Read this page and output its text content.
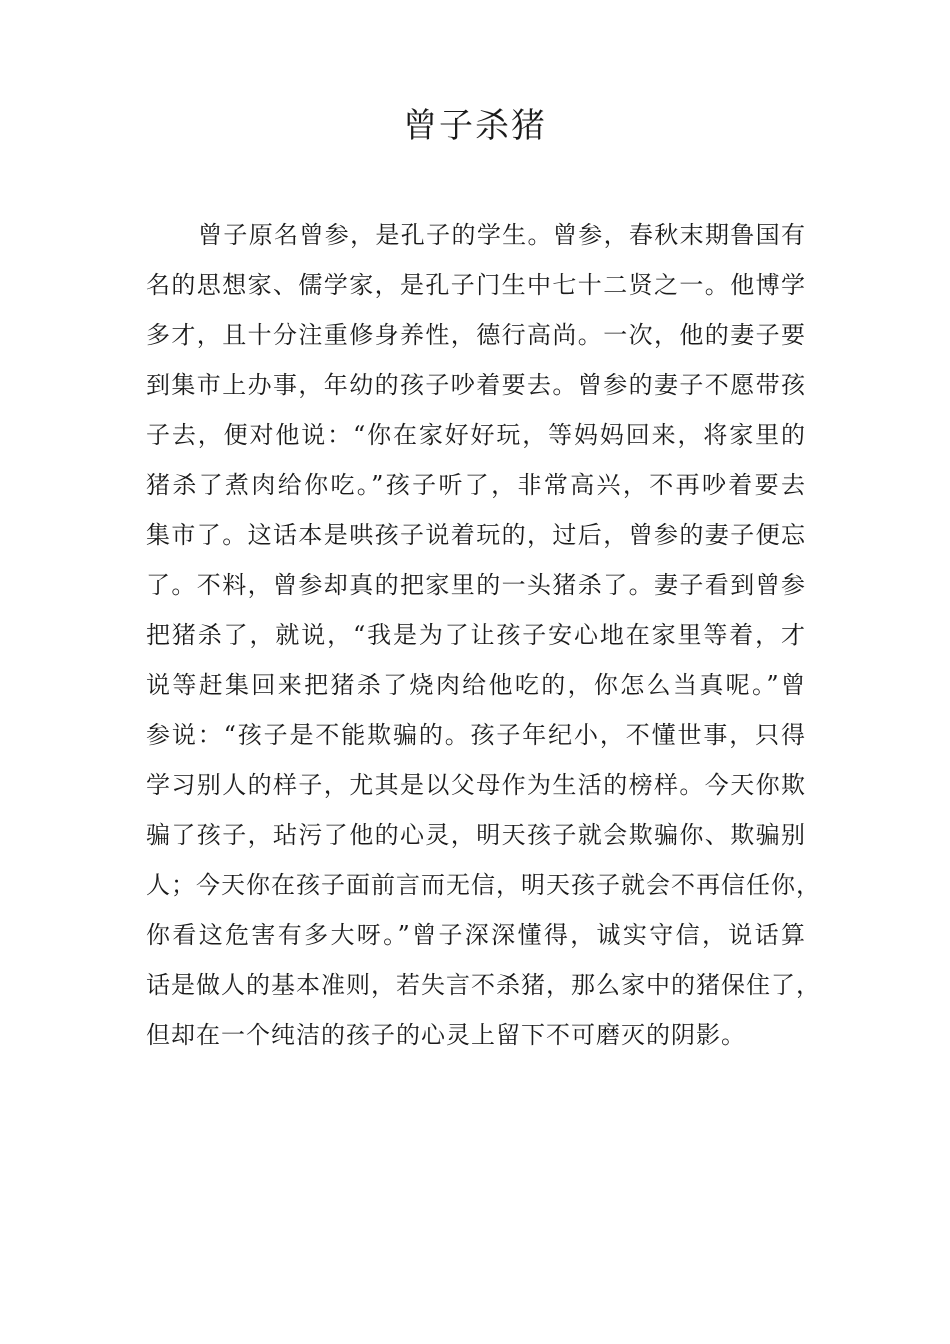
曾子杀猪
曾子原名曾参，是孔子的学生。曾参，春秋末期鲁国有
名的思想家、儒学家，是孔子门生中七十二贤之一。他博学
多才，且十分注重修身养性，德行高尚。一次，他的妻子要
到集市上办事，年幼的孩子吵着要去。曾参的妻子不愿带孩
子去，便对他说：“你在家好好玩，等妈妈回来，将家里的
猪杀了煮肉给你吃。”孩子听了，非常高兴，不再吵着要去
集市了。这话本是哄孩子说着玩的，过后，曾参的妻子便忘
了。不料，曾参却真的把家里的一头猪杀了。妻子看到曾参
把猪杀了，就说，“我是为了让孩子安心地在家里等着，才
说等赶集回来把猪杀了烧肉给他吃的，你怎么当真呢。”曾
参说：“孩子是不能欺骗的。孩子年纪小，不懂世事，只得
学习别人的样子，尤其是以父母作为生活的榜样。今天你欺
骗了孩子，玷污了他的心灵，明天孩子就会欺骗你、欺骗别
人；今天你在孩子面前言而无信，明天孩子就会不再信任你，
你看这危害有多大呀。”曾子深深懂得，诚实守信，说话算
话是做人的基本准则，若失言不杀猪，那么家中的猪保住了，
但却在一个纯洁的孩子的心灵上留下不可磨灭的阴影。
